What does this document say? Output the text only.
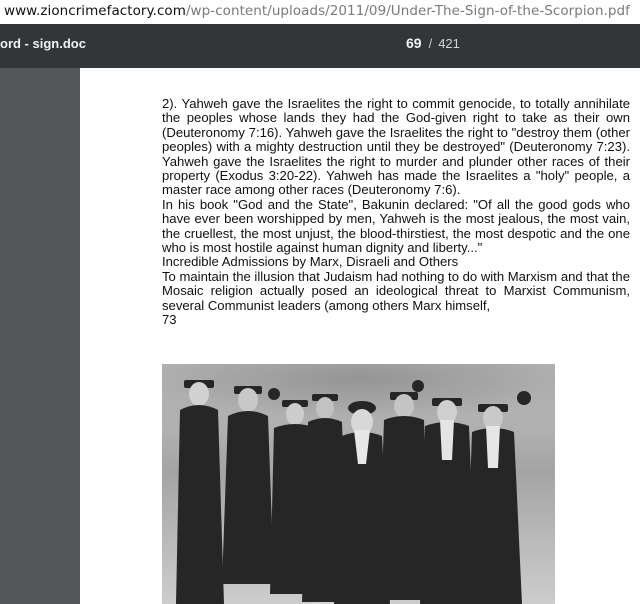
www.zioncrimefactory.com/wp-content/uploads/2011/09/Under-The-Sign-of-the-Scorpion.pdf
ord - sign.doc	69 / 421

2). Yahweh gave the Israelites the right to commit genocide, to totally annihilate the peoples whose lands they had the God-given right to take as their own (Deuteronomy 7:16). Yahweh gave the Israelites the right to "destroy them (other peoples) with a mighty destruction until they be destroyed" (Deuteronomy 7:23). Yahweh gave the Israelites the right to murder and plunder other races of their property (Exodus 3:20-22). Yahweh has made the Israelites a "holy" people, a master race among other races (Deuteronomy 7:6).

In his book "God and the State", Bakunin declared: "Of all the good gods who have ever been worshipped by men, Yahweh is the most jealous, the most vain, the cruellest, the most unjust, the blood-thirstiest, the most despotic and the one who is most hostile against human dignity and liberty..."

Incredible Admissions by Marx, Disraeli and Others

To maintain the illusion that Judaism had nothing to do with Marxism and that the Mosaic religion actually posed an ideological threat to Marxist Communism, several Communist leaders (among others Marx himself,

73
